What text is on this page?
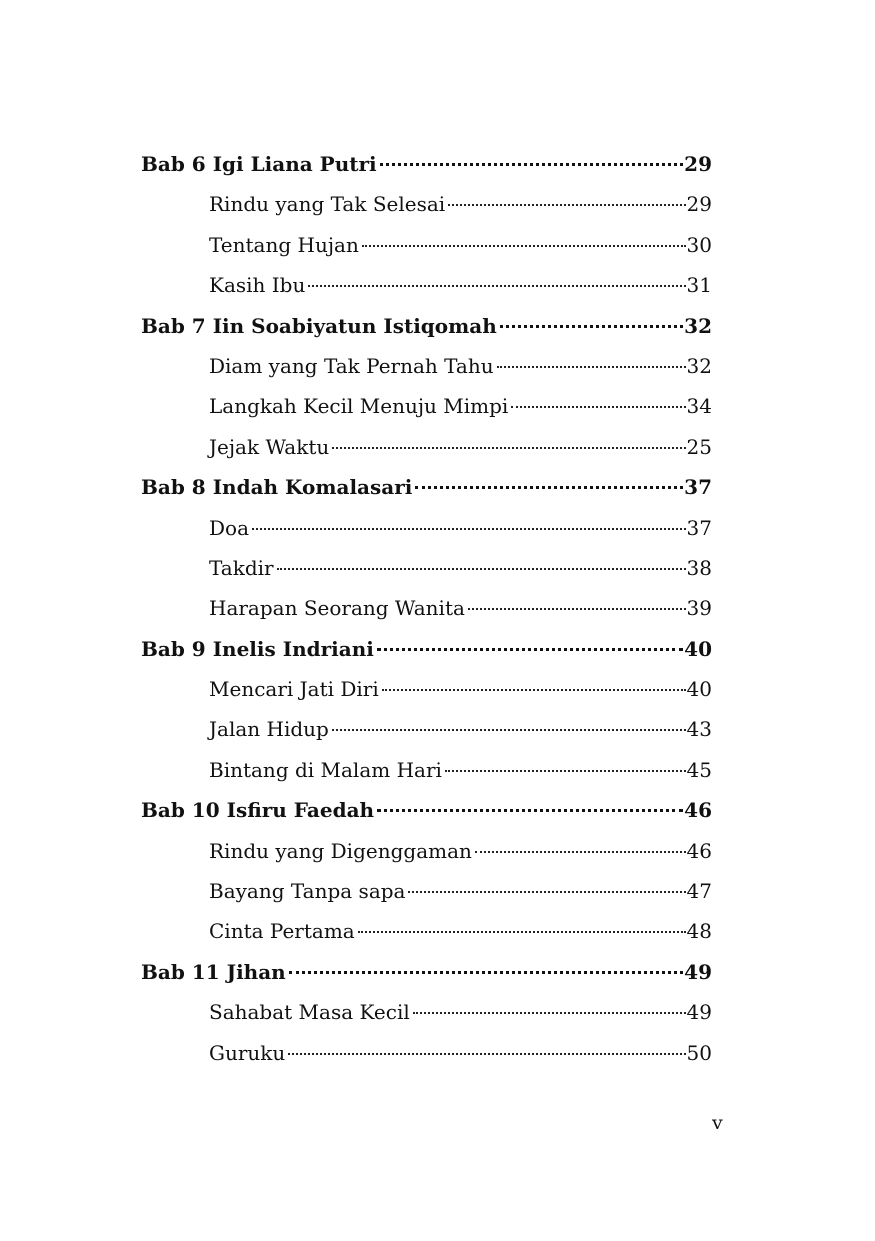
Bab 6 Igi Liana Putri	29
Rindu yang Tak Selesai	29
Tentang Hujan	30
Kasih Ibu	31
Bab 7 Iin Soabiyatun Istiqomah	32
Diam yang Tak Pernah Tahu	32
Langkah Kecil Menuju Mimpi	34
Jejak Waktu	25
Bab 8 Indah Komalasari	37
Doa	37
Takdir	38
Harapan Seorang Wanita	39
Bab 9 Inelis Indriani	40
Mencari Jati Diri	40
Jalan Hidup	43
Bintang di Malam Hari	45
Bab 10 Isfiru Faedah	46
Rindu yang Digenggaman	46
Bayang Tanpa sapa	47
Cinta Pertama	48
Bab 11 Jihan	49
Sahabat Masa Kecil	49
Guruku	50
v
